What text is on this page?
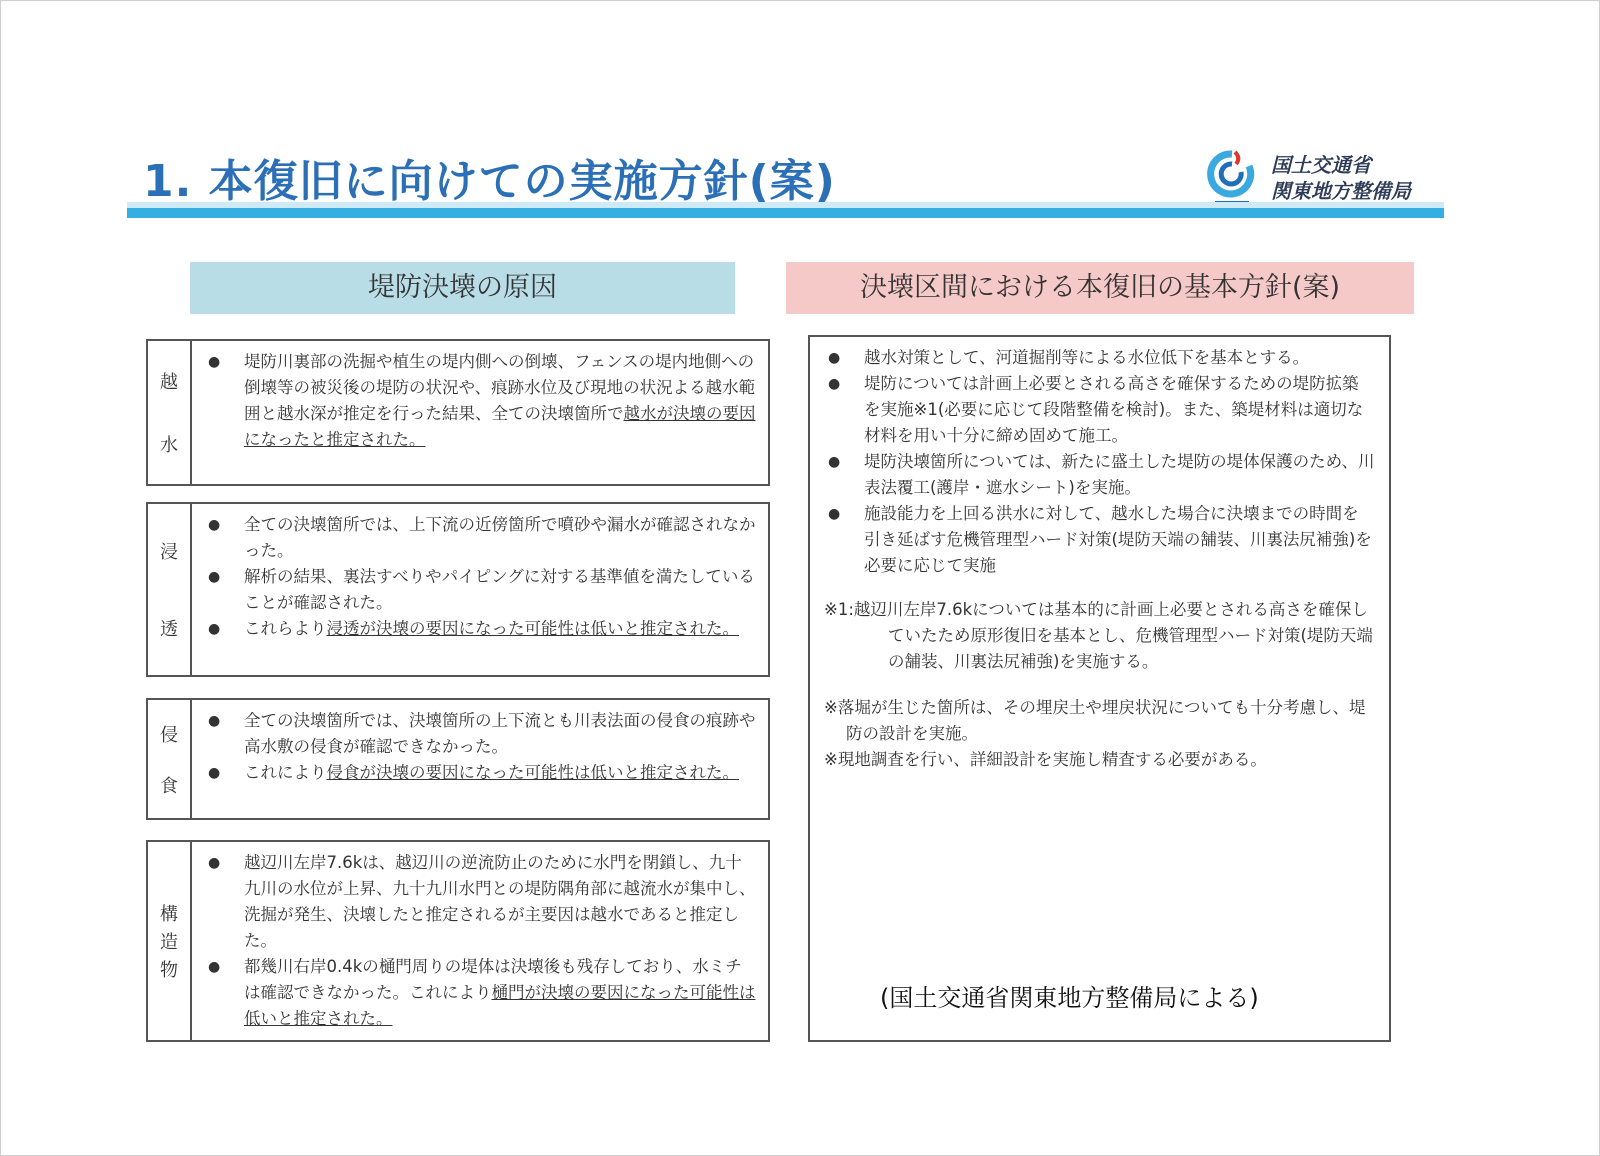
1. 本復旧に向けての実施方針(案)	国土交通省
関東地方整備局
堤防決壊の原因	決壊区間における本復旧の基本方針(案)
越
水
● 堤防川裏部の洗掘や植生の堤内側への倒壊、フェンスの堤内地側への倒壊等の被災後の堤防の状況や、痕跡水位及び現地の状況よる越水範囲と越水深が推定を行った結果、全ての決壊箇所で越水が決壊の要因になったと推定された。
浸
透
● 全ての決壊箇所では、上下流の近傍箇所で噴砂や漏水が確認されなかった。
● 解析の結果、裏法すべりやパイピングに対する基準値を満たしていることが確認された。
● これらより浸透が決壊の要因になった可能性は低いと推定された。
侵
食
● 全ての決壊箇所では、決壊箇所の上下流とも川表法面の侵食の痕跡や高水敷の侵食が確認できなかった。
● これにより侵食が決壊の要因になった可能性は低いと推定された。
構
造
物
● 越辺川左岸7.6kは、越辺川の逆流防止のために水門を閉鎖し、九十九川の水位が上昇、九十九川水門との堤防隅角部に越流水が集中し、洗掘が発生、決壊したと推定されるが主要因は越水であると推定した。
● 都幾川右岸0.4kの樋門周りの堤体は決壊後も残存しており、水ミチは確認できなかった。これにより樋門が決壊の要因になった可能性は低いと推定された。
● 越水対策として、河道掘削等による水位低下を基本とする。
● 堤防については計画上必要とされる高さを確保するための堤防拡築を実施※1(必要に応じて段階整備を検討)。また、築堤材料は適切な材料を用い十分に締め固めて施工。
● 堤防決壊箇所については、新たに盛土した堤防の堤体保護のため、川表法覆工(護岸・遮水シート)を実施。
● 施設能力を上回る洪水に対して、越水した場合に決壊までの時間を引き延ばす危機管理型ハード対策(堤防天端の舗装、川裏法尻補強)を必要に応じて実施
※1:越辺川左岸7.6kについては基本的に計画上必要とされる高さを確保していたため原形復旧を基本とし、危機管理型ハード対策(堤防天端の舗装、川裏法尻補強)を実施する。
※落堀が生じた箇所は、その埋戻土や埋戻状況についても十分考慮し、堤防の設計を実施。
※現地調査を行い、詳細設計を実施し精査する必要がある。
(国土交通省関東地方整備局による)
